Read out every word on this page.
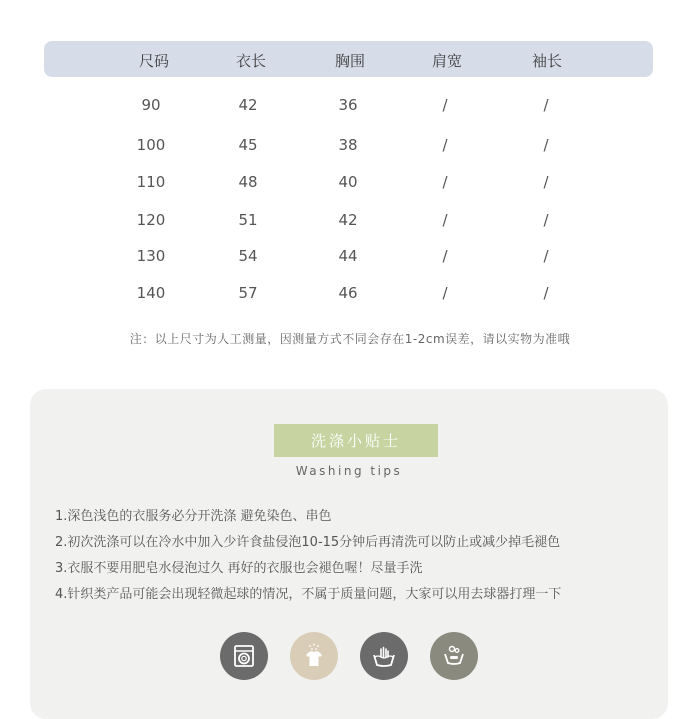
尺码	衣长	胸围	肩宽	袖长
90	42	36	/	/
100	45	38	/	/
110	48	40	/	/
120	51	42	/	/
130	54	44	/	/
140	57	46	/	/
注：以上尺寸为人工测量，因测量方式不同会存在1-2cm误差，请以实物为准哦
洗涤小贴士
Washing tips
1.深色浅色的衣服务必分开洗涤 避免染色、串色
2.初次洗涤可以在冷水中加入少许食盐侵泡10-15分钟后再清洗可以防止或减少掉毛褪色
3.衣服不要用肥皂水侵泡过久 再好的衣服也会褪色喔！尽量手洗
4.针织类产品可能会出现轻微起球的情况，不属于质量问题，大家可以用去球器打理一下
